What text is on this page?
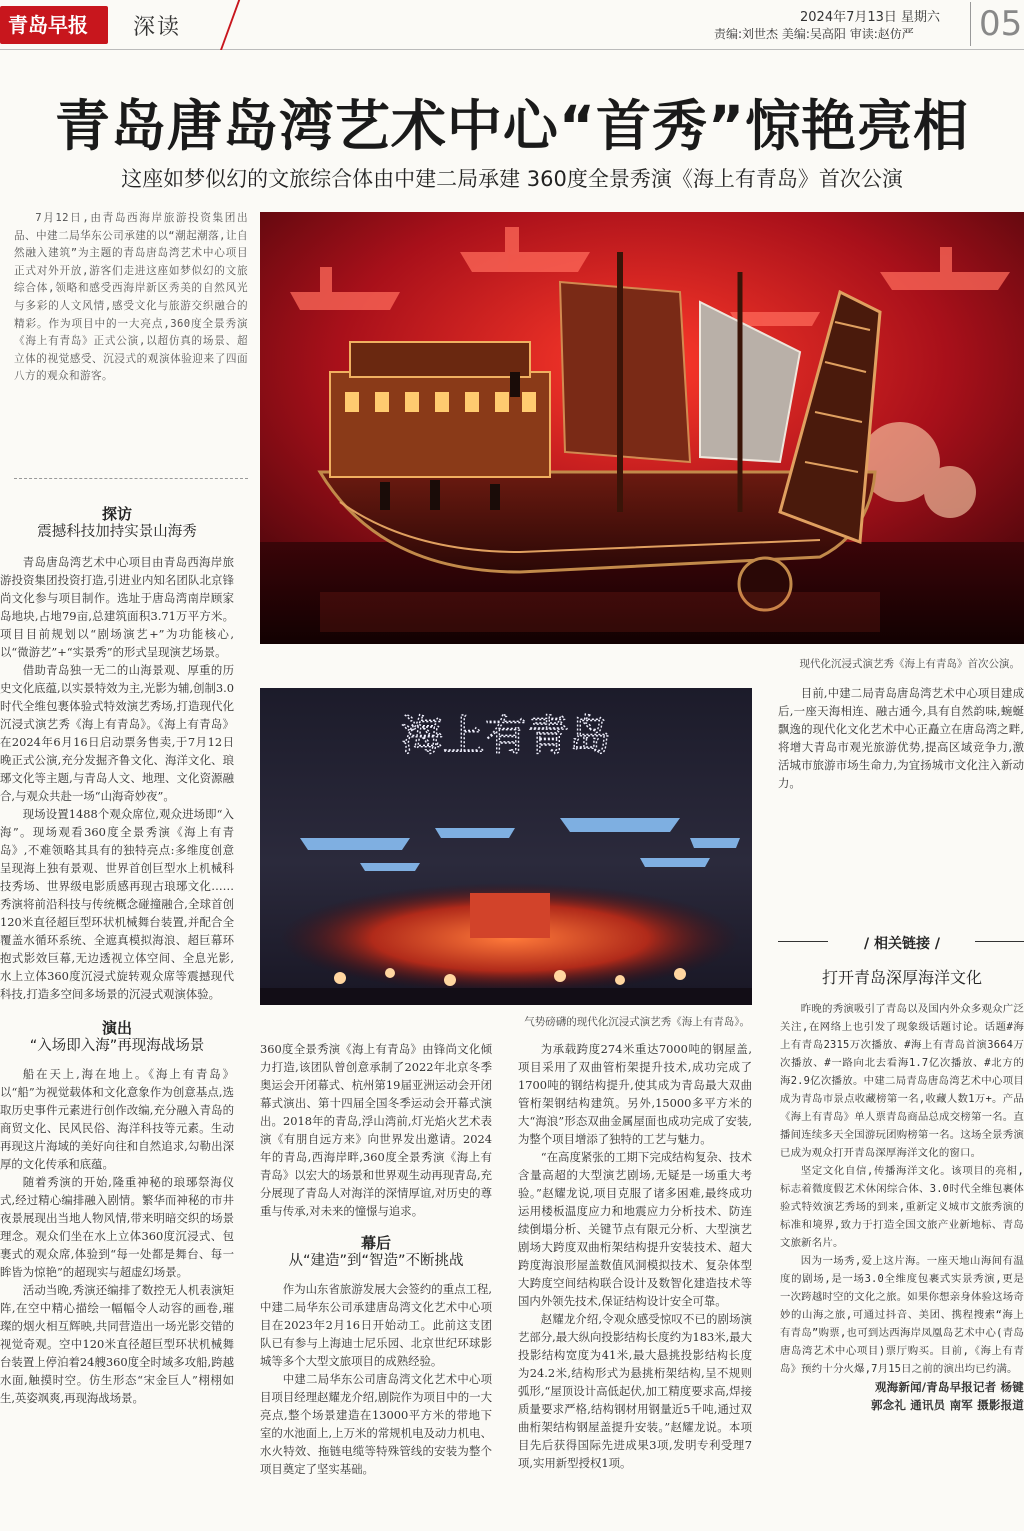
青岛早报	深读	2024年7月13日 星期六
责编:刘世杰 美编:吴高阳 审读:赵仿严 05
青岛唐岛湾艺术中心“首秀”惊艳亮相
这座如梦似幻的文旅综合体由中建二局承建 360度全景秀演《海上有青岛》首次公演
现代化沉浸式演艺秀《海上有青岛》首次公演。
海上有青岛
气势磅礴的现代化沉浸式演艺秀《海上有青岛》。

7月12日,由青岛西海岸旅游投资集团出品、中建二局华东公司承建的以“潮起潮落,让自然融入建筑”为主题的青岛唐岛湾艺术中心项目正式对外开放,游客们走进这座如梦似幻的文旅综合体,领略和感受西海岸新区秀美的自然风光与多彩的人文风情,感受文化与旅游交织融合的精彩。作为项目中的一大亮点,360度全景秀演《海上有青岛》正式公演,以超仿真的场景、超立体的视觉感受、沉浸式的观演体验迎来了四面八方的观众和游客。

探访
震撼科技加持实景山海秀

青岛唐岛湾艺术中心项目由青岛西海岸旅游投资集团投资打造,引进业内知名团队北京锋尚文化参与项目制作。选址于唐岛湾南岸顾家岛地块,占地79亩,总建筑面积3.71万平方米。项目目前规划以“剧场演艺+”为功能核心,以“微游艺”+“实景秀”的形式呈现演艺场景。

借助青岛独一无二的山海景观、厚重的历史文化底蕴,以实景特效为主,光影为辅,创制3.0时代全维包裹体验式特效演艺秀场,打造现代化沉浸式演艺秀《海上有青岛》。《海上有青岛》在2024年6月16日启动票务售卖,于7月12日晚正式公演,充分发掘齐鲁文化、海洋文化、琅琊文化等主题,与青岛人文、地理、文化资源融合,与观众共赴一场“山海奇妙夜”。

现场设置1488个观众席位,观众进场即“入海”。现场观看360度全景秀演《海上有青岛》,不难领略其具有的独特亮点:多维度创意呈现海上独有景观、世界首创巨型水上机械科技秀场、世界级电影质感再现古琅琊文化……秀演将前沿科技与传统概念碰撞融合,全球首创120米直径超巨型环状机械舞台装置,并配合全覆盖水循环系统、全遮真模拟海浪、超巨幕环抱式影效巨幕,无边透视立体空间、全息光影,水上立体360度沉浸式旋转观众席等震撼现代科技,打造多空间多场景的沉浸式观演体验。

演出
“入场即入海”再现海战场景

船在天上,海在地上。《海上有青岛》以“船”为视觉载体和文化意象作为创意基点,选取历史事件元素进行创作改编,充分融入青岛的商贸文化、民风民俗、海洋科技等元素。生动再现这片海域的美好向往和自然追求,勾勒出深厚的文化传承和底蕴。

随着秀演的开始,隆重神秘的琅琊祭海仪式,经过精心编排融入剧情。繁华而神秘的市井夜景展现出当地人物风情,带来明暗交织的场景理念。观众们坐在水上立体360度沉浸式、包裹式的观众席,体验到“每一处都是舞台、每一眸皆为惊艳”的超现实与超虚幻场景。

活动当晚,秀演还编排了数控无人机表演矩阵,在空中精心描绘一幅幅令人动容的画卷,璀璨的烟火相互辉映,共同营造出一场光影交错的视觉奇观。空中120米直径超巨型环状机械舞台装置上停泊着24艘360度全时域多攻船,跨越水面,触摸时空。仿生形态“宋金巨人”栩栩如生,英姿飒爽,再现海战场景。

360度全景秀演《海上有青岛》由锋尚文化倾力打造,该团队曾创意承制了2022年北京冬季奥运会开闭幕式、杭州第19届亚洲运动会开闭幕式演出、第十四届全国冬季运动会开幕式演出。2018年的青岛,浮山湾前,灯光焰火艺术表演《有朋自远方来》向世界发出邀请。2024年的青岛,西海岸畔,360度全景秀演《海上有青岛》以宏大的场景和世界观生动再现青岛,充分展现了青岛人对海洋的深情厚谊,对历史的尊重与传承,对未来的憧憬与追求。

幕后
从“建造”到“智造”不断挑战

作为山东省旅游发展大会签约的重点工程,中建二局华东公司承建唐岛湾文化艺术中心项目在2023年2月16日开始动工。此前这支团队已有参与上海迪士尼乐园、北京世纪环球影城等多个大型文旅项目的成熟经验。

中建二局华东公司唐岛湾文化艺术中心项目项目经理赵耀龙介绍,剧院作为项目中的一大亮点,整个场景建造在13000平方米的带地下室的水池面上,上万米的常规机电及动力机电、水火特效、拖链电缆等特殊管线的安装为整个项目奠定了坚实基础。

为承载跨度274米重达7000吨的钢屋盖,项目采用了双曲管桁架提升技术,成功完成了1700吨的钢结构提升,使其成为青岛最大双曲管桁架钢结构建筑。另外,15000多平方米的大“海浪”形态双曲金属屋面也成功完成了安装,为整个项目增添了独特的工艺与魅力。

“在高度紧张的工期下完成结构复杂、技术含量高超的大型演艺剧场,无疑是一场重大考验。”赵耀龙说,项目克服了诸多困难,最终成功运用楼板温度应力和地震应力分析技术、防连续倒塌分析、关键节点有限元分析、大型演艺剧场大跨度双曲桁架结构提升安装技术、超大跨度海浪形屋盖数值风洞模拟技术、复杂体型大跨度空间结构联合设计及数智化建造技术等国内外领先技术,保证结构设计安全可靠。

赵耀龙介绍,令观众感受惊叹不已的剧场演艺部分,最大纵向投影结构长度约为183米,最大投影结构宽度为41米,最大悬挑投影结构长度为24.2米,结构形式为悬挑桁架结构,呈不规则弧形,“屋顶设计高低起伏,加工精度要求高,焊接质量要求严格,结构钢材用钢量近5千吨,通过双曲桁架结构钢屋盖提升安装。”赵耀龙说。本项目先后获得国际先进成果3项,发明专利受理7项,实用新型授权1项。

目前,中建二局青岛唐岛湾艺术中心项目建成后,一座天海相连、融古通今,具有自然韵味,蜿蜒飘逸的现代化文化艺术中心正矗立在唐岛湾之畔,将增大青岛市观光旅游优势,提高区域竞争力,激活城市旅游市场生命力,为宜扬城市文化注入新动力。

/ 相关链接 /
打开青岛深厚海洋文化

昨晚的秀演吸引了青岛以及国内外众多观众广泛关注,在网络上也引发了现象级话题讨论。话题#海上有青岛2315万次播放、#海上有青岛首演3664万次播放、#一路向北去看海1.7亿次播放、#北方的海2.9亿次播放。中建二局青岛唐岛湾艺术中心项目成为青岛市景点收藏榜第一名,收藏人数1万+。产品《海上有青岛》单人票青岛商品总成交榜第一名。直播间连续多天全国游玩团购榜第一名。这场全景秀演已成为观众打开青岛深厚海洋文化的窗口。

坚定文化自信,传播海洋文化。该项目的亮相,标志着微度假艺术休闲综合体、3.0时代全维包裹体验式特效演艺秀场的到来,重新定义城市文旅秀演的标准和境界,致力于打造全国文旅产业新地标、青岛文旅新名片。

因为一场秀,爱上这片海。一座天地山海间有温度的剧场,是一场3.0全维度包裹式实景秀演,更是一次跨越时空的文化之旅。如果你想亲身体验这场奇妙的山海之旅,可通过抖音、美团、携程搜索“海上有青岛”购票,也可到达西海岸凤凰岛艺术中心(青岛唐岛湾艺术中心项目)票厅购买。目前,《海上有青岛》预约十分火爆,7月15日之前的演出均已约满。

观海新闻/青岛早报记者 杨键
郭念礼 通讯员 南军 摄影报道
